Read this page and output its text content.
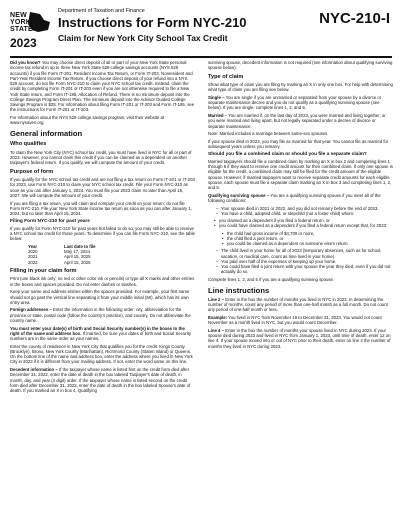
NEW YORK STATE
2023
Department of Taxation and Finance
Instructions for Form NYC-210
Claim for New York City School Tax Credit
NYC-210-I

Did you know? You may choose direct deposit of all or part of your New York State personal income tax refund in up to three New York State 529 college savings accounts (NYS 529 accounts) if you file Form IT-201, Resident Income Tax Return, or Form IT-203, Nonresident and Part-Year Resident Income Tax Return. If you choose direct deposit of your refund into a NYS 529 account, do not file Form NYC-210 to claim your NYC school tax credit. Instead, claim the credit by completing Form IT-201 or IT-203 even if you are not otherwise required to file a New York State return, and Form IT-195, Allocation of Refund. There is no minimum deposit into the College Savings Program Direct Plan. The minimum deposit into the Advisor Guided College Savings Program is $25. For information about filing Form IT-201 or IT-203 and Form IT-195, see the instructions for Form IT-201 or IT-203.

For information about the NYS 529 college savings program, visit their website at www.nysaves.org.

General information
Who qualifies

To claim the New York City (NYC) school tax credit, you must have lived in NYC for all or part of 2023. However, you cannot claim this credit if you can be claimed as a dependent on another taxpayer's federal return. If you qualify, we will compute the amount of your credit.

Purpose of form

If you qualify for the NYC school tax credit and are not filing a tax return on Form IT-201 or IT-203 for 2023, use Form NYC-210 to claim your NYC school tax credit. File your Form NYC-210 as soon as you can after January 1, 2024. You must file your 2023 claim no later than April 15, 2027. We will compute the amount of your credit.

If you are filing a tax return, you will claim and compute your credit on your return; do not file Form NYC-210. File your New York State income tax return as soon as you can after January 1, 2024, but no later than April 15, 2024.

Filing Form NYC-210 for past years

If you qualify for Form NYC-210 for past years but failed to do so, you may still be able to receive a NYC school tax credit for those years. To determine if you can file Form NYC-210, see the table below:

Year	Last date to file
2020	May 17, 2024
2021	April 15, 2025
2022	April 15, 2026
Filling in your claim form

Print (use black ink only; no red or other color ink or pencils) or type all X marks and other entries in the boxes and spaces provided. Do not enter dashes or slashes.

Keep your name and address entries within the spaces provided. For example, your first name should not go past the vertical line separating it from your middle initial (MI), which has its own entry area.

Foreign addresses – Enter the information in the following order: city, abbreviation for the province or state, postal code (follow the country's practice), and country. Do not abbreviate the country name.

You must enter your date(s) of birth and Social Security number(s) in the boxes to the right of the name and address box. If married, be sure your dates of birth and Social Security numbers are in the same order as your names.

Enter the county of residence in New York City that qualifies you for the credit: Kings County (Brooklyn), Bronx, New York County (Manhattan), Richmond County (Staten Island) or Queens. On the bottom line of the name and address box, enter the address where you lived in New York City in 2023 if it is different from your mailing address. If not, enter the word same on this line.

Decedent information – If the taxpayer whose name is listed first on the credit form died after December 31, 2022, enter the date of death in the box labeled Taxpayer's date of death, in month, day, and year (4 digit) order. If the taxpayer whose name is listed second on the credit form died after December 31, 2022, enter the date of death in the box labeled Spouse's date of death. If you marked an X in box 4, Qualifying

surviving spouse, decedent information is not required (see information about qualifying surviving spouse below).

Type of claim

Show what type of claim you are filing by marking an X in only one box. For help with determining what type of claim you are filing see below.

Single – You are single if you are unmarried or separated from your spouse by a divorce or separate maintenance decree and you do not qualify as a qualifying surviving spouse (see below). If you are single, complete lines 1, 2, and 5.

Married – You are married if, on the last day of 2023, you were married and living together, or you were married and living apart, but not legally separated under a decree of divorce or separate maintenance.

Note: Married includes a marriage between same-sex spouses.

If your spouse died in 2023, you may file as married for that year. You cannot file as married for subsequent years unless you remarry.

Should you file a combined claim or should you file a separate claim?

Married taxpayers should file a combined claim by marking an X in box 2 and completing lines 1 through 5 if they want to receive one credit amount for their combined claim. If only one spouse is eligible for the credit, a combined claim may still be filed for the credit amount of the eligible spouse. However, if married taxpayers want to receive separate credit amounts for each eligible spouse, each spouse must file a separate claim marking an X in box 3 and completing lines 1, 2, and 5.

Qualifying surviving spouse – You are a qualifying surviving spouse if you meet all of the following conditions:

– Your spouse died in 2021 or 2022, and you did not remarry before the end of 2023.
– You have a child, adopted child, or stepchild (not a foster child) whom:
• you claimed as a dependent if you filed a federal return, or
• you could have claimed as a dependent if you filed a federal return except that, for 2023:
• the child had gross income of $4,700 or more,
• the child filed a joint return, or
• you could be claimed as a dependent on someone else's return.
– The child lived in your home for all of 2023 (temporary absences, such as for school, vacation, or medical care, count as time lived in your home).
– You paid over half of the expenses of keeping up your home.
– You could have filed a joint return with your spouse the year they died, even if you did not actually do so.

Complete lines 1, 2, and 5 if you are a qualifying surviving spouse.

Line instructions

Line 2 – Enter in the box the number of months you lived in NYC in 2023. In determining the number of months, count any period of more than one-half month as a full month. Do not count any period of one-half month or less.

Example: You lived in NYC from November 16 to December 31, 2023. You would not count November as a month lived in NYC, but you would count December.

Line 4 – Enter in the box the number of months your spouse lived in NYC during 2023. If your spouse died during 2023 and lived in NYC from January 1, 2023, until time of death, enter 12 on line 4. If your spouse moved into or out of NYC prior to their death, enter on line 4 the number of months they lived in NYC during 2023.
